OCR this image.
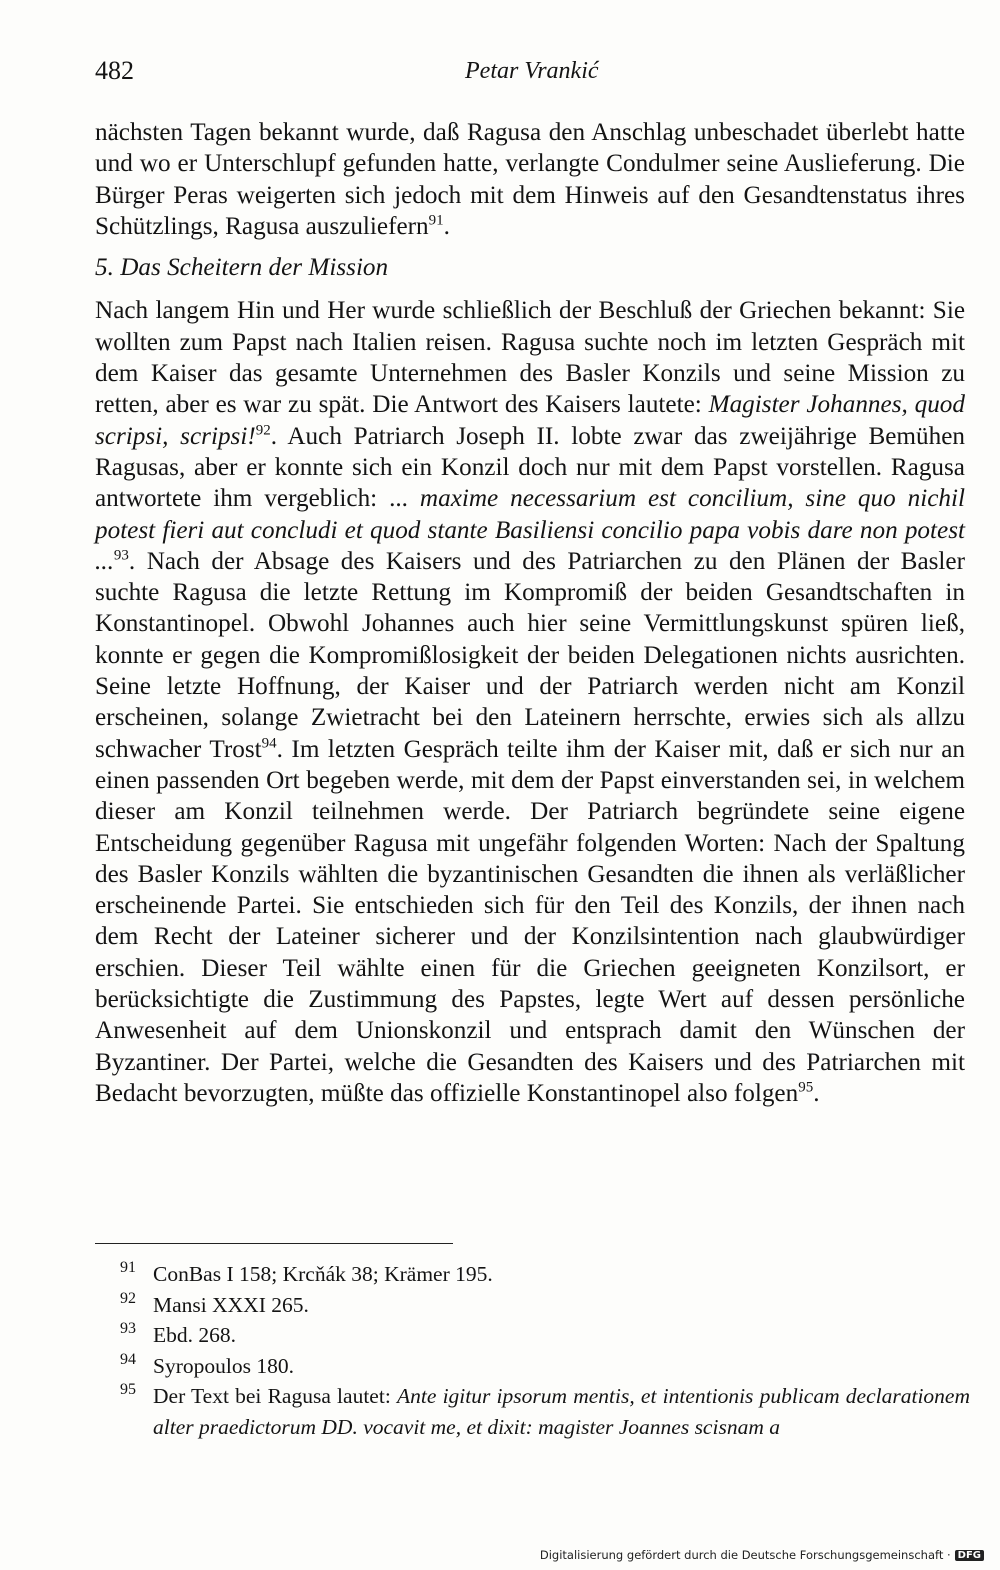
482	Petar Vrankić

nächsten Tagen bekannt wurde, daß Ragusa den Anschlag unbeschadet überlebt hatte und wo er Unterschlupf gefunden hatte, verlangte Condulmer seine Auslieferung. Die Bürger Peras weigerten sich jedoch mit dem Hinweis auf den Gesandtenstatus ihres Schützlings, Ragusa auszuliefern$^{91}$.

5. Das Scheitern der Mission

Nach langem Hin und Her wurde schließlich der Beschluß der Griechen bekannt: Sie wollten zum Papst nach Italien reisen. Ragusa suchte noch im letzten Gespräch mit dem Kaiser das gesamte Unternehmen des Basler Konzils und seine Mission zu retten, aber es war zu spät. Die Antwort des Kaisers lautete: Magister Johannes, quod scripsi, scripsi!$^{92}$. Auch Patriarch Joseph II. lobte zwar das zweijährige Bemühen Ragusas, aber er konnte sich ein Konzil doch nur mit dem Papst vorstellen. Ragusa antwortete ihm vergeblich: ... maxime necessarium est concilium, sine quo nichil potest fieri aut concludi et quod stante Basiliensi concilio papa vobis dare non potest ...$^{93}$. Nach der Absage des Kaisers und des Patriarchen zu den Plänen der Basler suchte Ragusa die letzte Rettung im Kompromiß der beiden Gesandtschaften in Konstantinopel. Obwohl Johannes auch hier seine Vermittlungskunst spüren ließ, konnte er gegen die Kompromißlosigkeit der beiden Delegationen nichts ausrichten. Seine letzte Hoffnung, der Kaiser und der Patriarch werden nicht am Konzil erscheinen, solange Zwietracht bei den Lateinern herrschte, erwies sich als allzu schwacher Trost$^{94}$. Im letzten Gespräch teilte ihm der Kaiser mit, daß er sich nur an einen passenden Ort begeben werde, mit dem der Papst einverstanden sei, in welchem dieser am Konzil teilnehmen werde. Der Patriarch begründete seine eigene Entscheidung gegenüber Ragusa mit ungefähr folgenden Worten: Nach der Spaltung des Basler Konzils wählten die byzantinischen Gesandten die ihnen als verläßlicher erscheinende Partei. Sie entschieden sich für den Teil des Konzils, der ihnen nach dem Recht der Lateiner sicherer und der Konzilsintention nach glaubwürdiger erschien. Dieser Teil wählte einen für die Griechen geeigneten Konzilsort, er berücksichtigte die Zustimmung des Papstes, legte Wert auf dessen persönliche Anwesenheit auf dem Unionskonzil und entsprach damit den Wünschen der Byzantiner. Der Partei, welche die Gesandten des Kaisers und des Patriarchen mit Bedacht bevorzugten, müßte das offizielle Konstantinopel also folgen$^{95}$.

91 ConBas I 158; Krcňák 38; Krämer 195.
92 Mansi XXXI 265.
93 Ebd. 268.
94 Syropoulos 180.
95 Der Text bei Ragusa lautet: Ante igitur ipsorum mentis, et intentionis publicam declarationem alter praedictorum DD. vocavit me, et dixit: magister Joannes scisnam a
Digitalisierung gefördert durch die Deutsche Forschungsgemeinschaft · DFG
